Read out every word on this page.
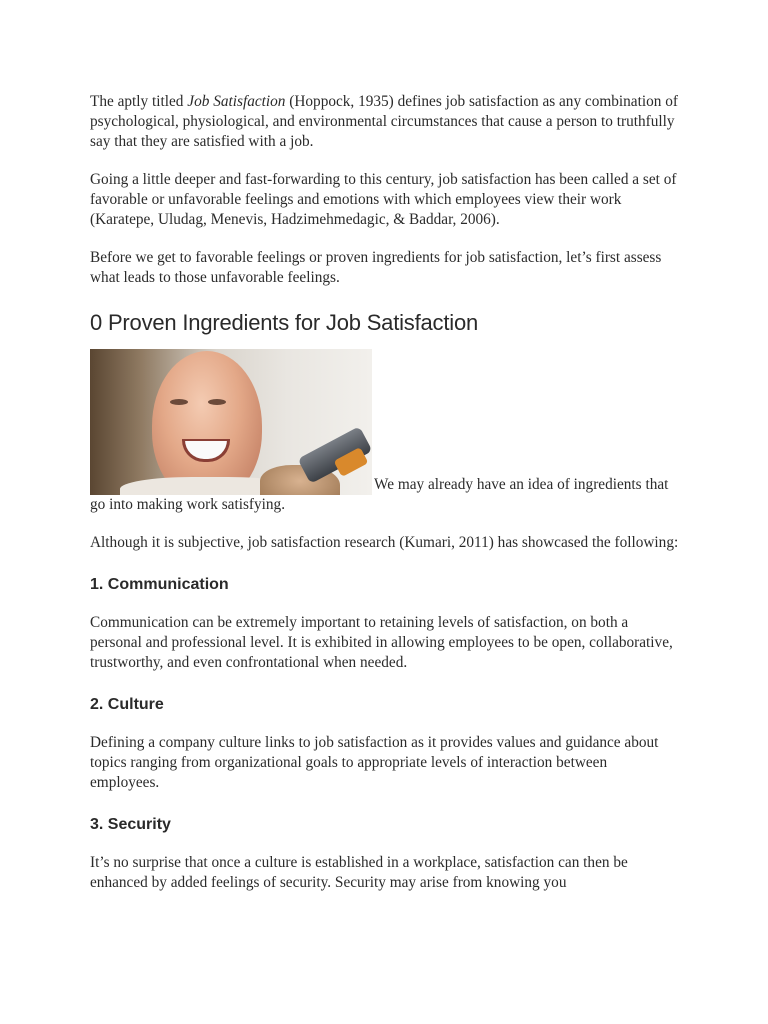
The aptly titled Job Satisfaction (Hoppock, 1935) defines job satisfaction as any combination of psychological, physiological, and environmental circumstances that cause a person to truthfully say that they are satisfied with a job.

Going a little deeper and fast-forwarding to this century, job satisfaction has been called a set of favorable or unfavorable feelings and emotions with which employees view their work (Karatepe, Uludag, Menevis, Hadzimehmedagic, & Baddar, 2006).

Before we get to favorable feelings or proven ingredients for job satisfaction, let’s first assess what leads to those unfavorable feelings.

0 Proven Ingredients for Job Satisfaction

We may already have an idea of ingredients that go into making work satisfying.

Although it is subjective, job satisfaction research (Kumari, 2011) has showcased the following:

1. Communication

Communication can be extremely important to retaining levels of satisfaction, on both a personal and professional level. It is exhibited in allowing employees to be open, collaborative, trustworthy, and even confrontational when needed.

2. Culture

Defining a company culture links to job satisfaction as it provides values and guidance about topics ranging from organizational goals to appropriate levels of interaction between employees.

3. Security

It’s no surprise that once a culture is established in a workplace, satisfaction can then be enhanced by added feelings of security. Security may arise from knowing you
